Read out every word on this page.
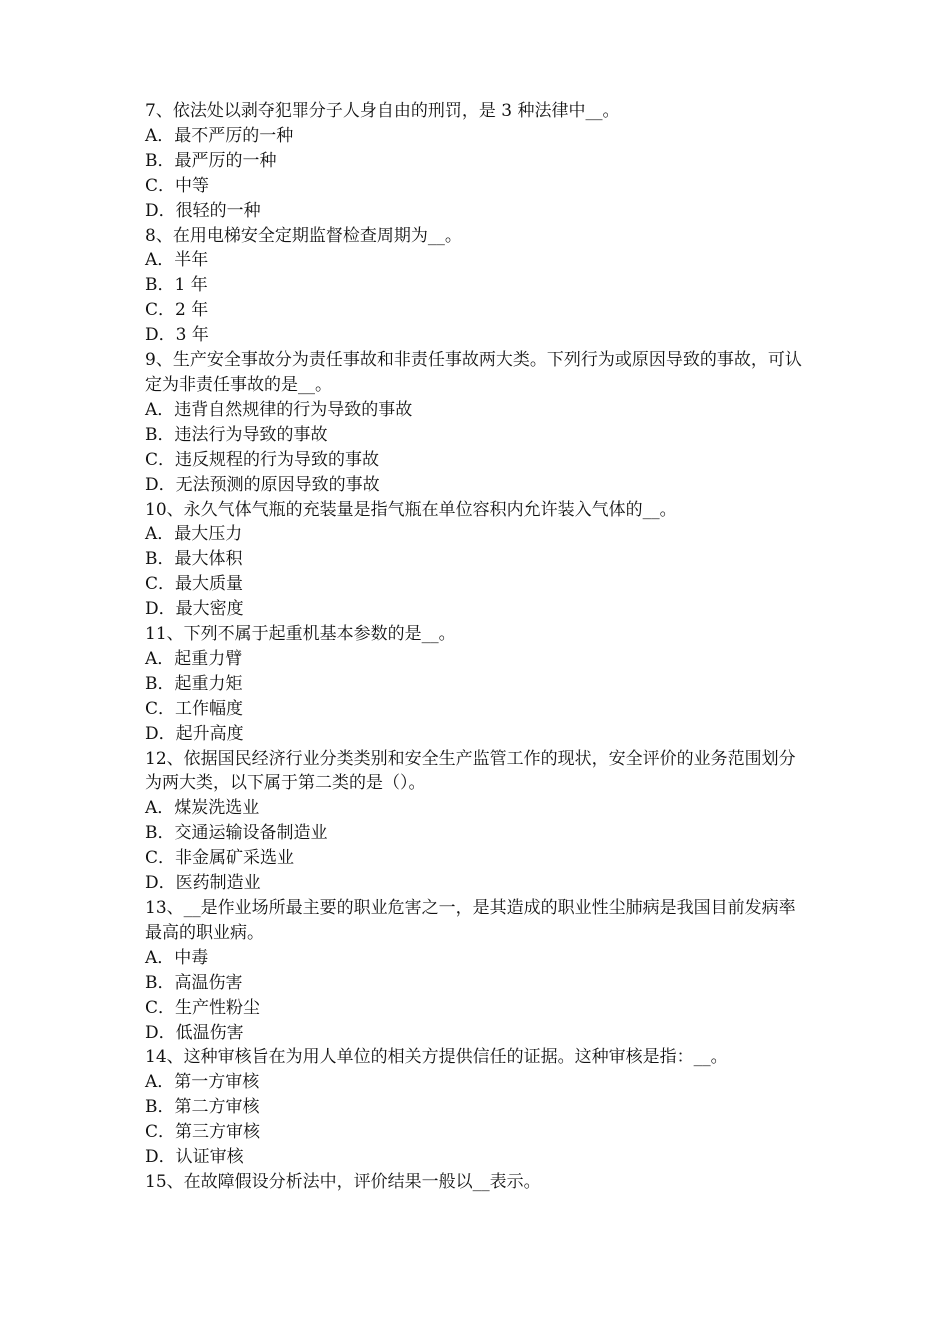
7、依法处以剥夺犯罪分子人身自由的刑罚，是 3 种法律中__。

A．最不严厉的一种

B．最严厉的一种

C．中等

D．很轻的一种

8、在用电梯安全定期监督检查周期为__。

A．半年

B．1 年

C．2 年

D．3 年

9、生产安全事故分为责任事故和非责任事故两大类。下列行为或原因导致的事故，可认定为非责任事故的是__。

A．违背自然规律的行为导致的事故

B．违法行为导致的事故

C．违反规程的行为导致的事故

D．无法预测的原因导致的事故

10、永久气体气瓶的充装量是指气瓶在单位容积内允许装入气体的__。

A．最大压力

B．最大体积

C．最大质量

D．最大密度

11、下列不属于起重机基本参数的是__。

A．起重力臂

B．起重力矩

C．工作幅度

D．起升高度

12、依据国民经济行业分类类别和安全生产监管工作的现状，安全评价的业务范围划分为两大类，以下属于第二类的是（）。

A．煤炭洗选业

B．交通运输设备制造业

C．非金属矿采选业

D．医药制造业

13、__是作业场所最主要的职业危害之一，是其造成的职业性尘肺病是我国目前发病率最高的职业病。

A．中毒

B．高温伤害

C．生产性粉尘

D．低温伤害

14、这种审核旨在为用人单位的相关方提供信任的证据。这种审核是指：__。

A．第一方审核

B．第二方审核

C．第三方审核

D．认证审核

15、在故障假设分析法中，评价结果一般以__表示。
